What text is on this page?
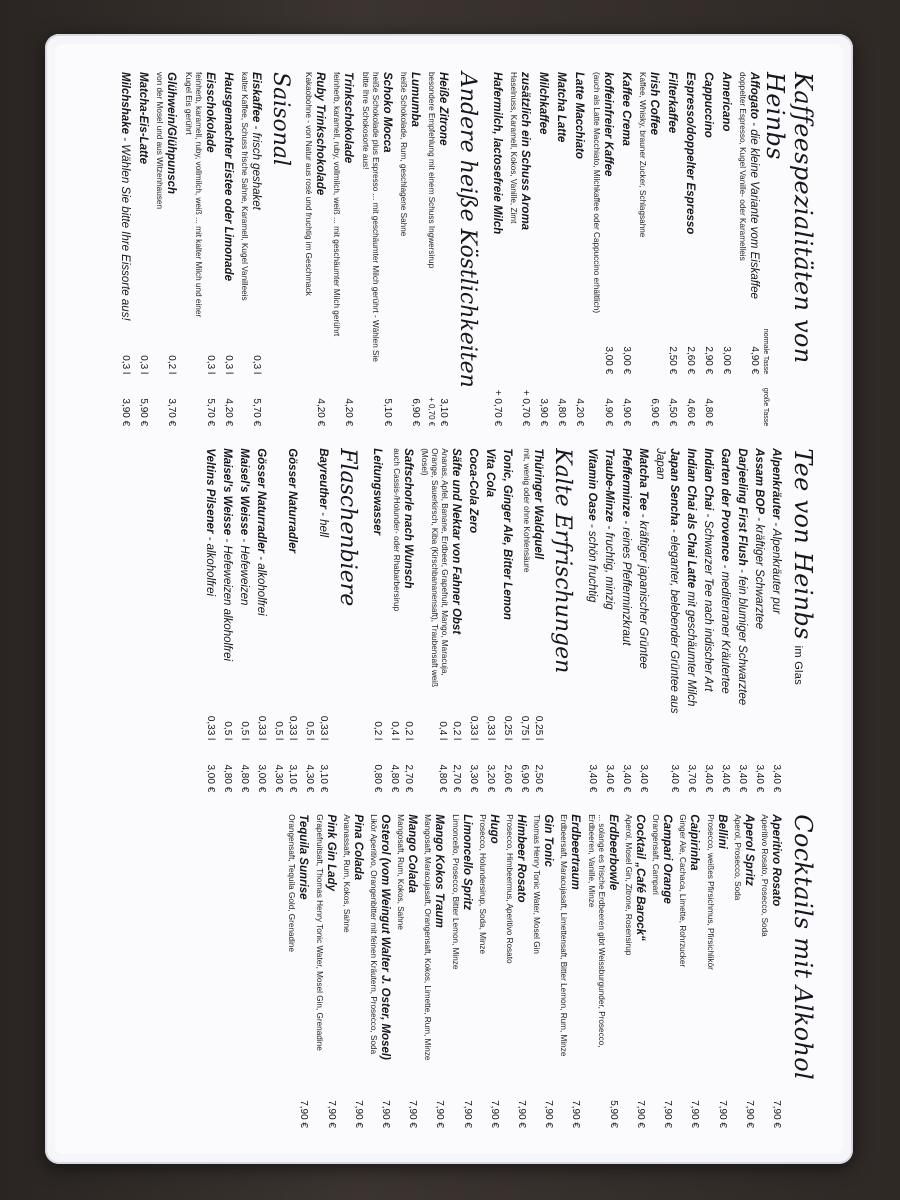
Kaffeespezialitäten von Heinbs
normale Tasse
große Tasse
Affogato - die kleine Variante vom Eiskaffee
doppelter Espresso, Kugel Vanille- oder Karamelleis
4,90 €
Americano
3,00 €
Cappuccino
2,90 €
4,80 €
Espresso/doppelter Espresso
2,60 €
4,60 €
Filterkaffee
2,50 €
4,50 €
Irish Coffee
Kaffee, Whisky, brauner Zucker, Schlagsahne
6,90 €
Kaffee Crema
3,00 €
4,90 €
koffeinfreier Kaffee
(auch als Latte Macchiato, Milchkaffee oder Cappuccino erhältlich)
3,00 €
4,90 €
Latte Macchiato
4,20 €
Matcha Latte
4,80 €
Milchkaffee
3,90 €
zusätzlich ein Schuss Aroma
Haselnuss, Karamell, Kokos, Vanille, Zimt
+ 0,70 €
Hafermilch, lactosefreie Milch
+ 0,70 €
Andere heiße Köstlichkeiten
Heiße Zitrone
besondere Empfehlung mit einem Schuss Ingwersirup
3,10 €
+ 0,70 €
Lumumba
heiße Schokolade, Rum, geschlagene Sahne
6,90 €
Schoko Mocca
heiße Schokolade plus Espresso ... mit geschäumter Milch gerührt - Wählen Sie bitte Ihre Schokosorte aus!
5,10 €
Trinkschokolade
feinherb, karamell, ruby, vollmilch, weiß ... mit geschäumter Milch gerührt
4,20 €
Ruby Trinkschokolade
Kakaobohne - von Natur aus rosé und fruchtig im Geschmack
4,20 €
Saisonal
Eiskaffee - frisch geshaket
kalter Kaffee, Schuss frische Sahne, Karamell, Kugel Vanilleeis
0,3 l
5,70 €
Hausgemachter Eistee oder Limonade
0,3 l
4,20 €
Eisschokolade
feinherb, karamell, ruby, vollmilch, weiß ... mit kalter Milch und einer Kugel Eis gerührt
0,3 l
5,70 €
Glühwein/Glühpunsch
von der Mosel und aus Witzenhausen
0,2 l
3,70 €
Matcha-Eis-Latte
0,3 l
5,90 €
Milchshake - Wählen Sie bitte Ihre Eissorte aus!
0,3 l
3,90 €
Tee von Heinbsim Glas
Alpenkräuter - Alpenkräuter pur
3,40 €
Assam BOP - kräftiger Schwarztee
3,40 €
Darjeeling First Flush - fein blumiger Schwarztee
3,40 €
Garten der Provence - mediterraner Kräutertee
3,40 €
Indian Chai - Schwarzer Tee nach indischer Art
3,40 €
Indian Chai als Chai Latte mit geschäumter Milch
3,70 €
Japan Sencha - eleganter, belebender Grüntee aus Japan
3,40 €
Matcha Tee - kräftiger japanischer Grüntee
3,40 €
Pfefferminze - reines Pfefferminzkraut
3,40 €
Traube-Minze - fruchtig, minzig
3,40 €
Vitamin Oase - schön fruchtig
3,40 €
Kalte Erfrischungen
Thüringer Waldquell
mit, wenig oder ohne Kohlensäure
0,25 l
0,75 l
2,50 €
6,90 €
Tonic, Ginger Ale, Bitter Lemon
0,25 l
2,60 €
Vita Cola
0,33 l
3,20 €
Coca-Cola Zero
0,33 l
3,30 €
Säfte und Nektar von Fahner Obst
Ananas, Apfel, Banane, Erdbeer, Grapefruit, Mango, Maracuja, Orange, Sauerkirsch, Kiba (Kirschbananensaft), Traubensaft weiß (Mosel)
0,2 l
0,4 l
2,70 €
4,80 €
Saftschorle nach Wunsch
auch Cassis-/Holunder- oder Rhabarbersirup
0,2 l
0,4 l
2,70 €
4,80 €
Leitungswasser
0,2 l
0,80 €
Flaschenbiere
Bayreuther - hell
0,33 l
0,5 l
3,10 €
4,30 €
Gösser Naturradler
0,33 l
0,5 l
3,10 €
4,30 €
Gösser Naturradler - alkoholfrei
0,33 l
3,00 €
Maisel's Weisse - Hefeweizen
0,5 l
4,80 €
Maisel's Weisse - Hefeweizen alkoholfrei
0,5 l
4,80 €
Veltins Pilsener - alkoholfrei
0,33 l
3,00 €
Cocktails mit Alkohol
Aperitivo Rosato
Aperitivo Rosato, Prosecco, Soda
7,90 €
Aperol Spritz
Aperol, Prosecco, Soda
7,90 €
Bellini
Prosecco, weißes Pfirsichmus, Pfirsichlikör
7,90 €
Caipirinha
Ginger Ale, Cachaca, Limette, Rohrzucker
7,90 €
Campari Orange
Orangensaft, Campari
7,90 €
Cocktail „Café Barock“
Aperol, Mosel Gin, Zitrone, Rosensirup
7,90 €
Erdbeerbowle
... solange es frische Erdbeeren gibt Weissburgunder, Prosecco, Erdbeeren, Vanille, Minze
5,90 €
Erdbeertraum
Erdbeersaft, Maracujasaft, Limettensaft, Bitter Lemon, Rum, Minze
7,90 €
Gin Tonic
Thomas Henry Tonic Water, Mosel Gin
7,90 €
Himbeer Rosato
Prosecco, Himbeermus, Aperitivo Rosato
7,90 €
Hugo
Prosecco, Holundersirup, Soda, Minze
7,90 €
Limoncello Spritz
Limoncello, Prosecco, Bitter Lemon, Minze
7,90 €
Mango Kokos Traum
Mangosaft, Maracujasaft, Orangensaft, Kokos, Limette, Rum, Minze
7,90 €
Mango Colada
Mangosaft, Rum, Kokos, Sahne
7,90 €
Osterol (vom Weingut Walter J. Oster, Mosel)
Likör Aperitivo, Orangenbitter mit feinen Kräutern, Prosecco, Soda
7,90 €
Pina Colada
Ananassaft, Rum, Kokos, Sahne
7,90 €
Pink Gin Lady
Grapefruitsaft, Thomas Henry Tonic Water, Mosel Gin, Grenadine
7,90 €
Tequila Sunrise
Orangensaft, Tequila Gold, Grenadine
7,90 €
